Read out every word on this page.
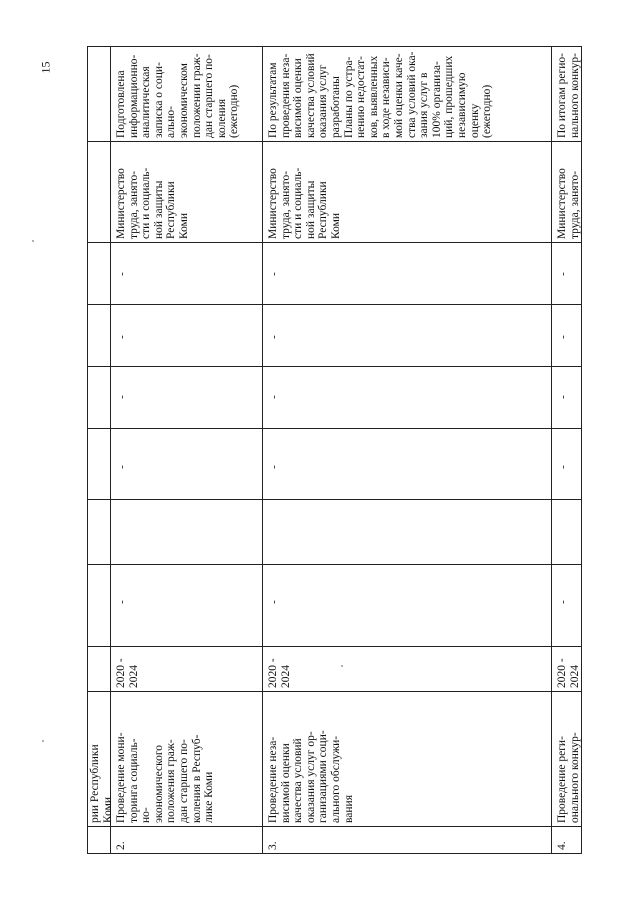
15
рии Республики
Коми
2.
Проведение мони-
торинга социаль-
но-
экономического
положения граж-
дан старшего по-
коления в Респуб-
лике Коми
2020 -
2024
-
-
-
-
-
Министерство
труда, занято-
сти и социаль-
ной защиты
Республики
Коми
Подготовлена
информационно-
аналитическая
записка о соци-
ально-
экономическом
положении граж-
дан старшего по-
коления
(ежегодно)
3.
Проведение неза-
висимой оценки
качества условий
оказания услуг ор-
ганизациями соци-
ального обслужи-
вания
2020 -
2024
-
-
-
-
-
Министерство
труда, занято-
сти и социаль-
ной защиты
Республики
Коми
По результатам
проведения неза-
висимой оценки
качества условий
оказания услуг
разработаны
Планы по устра-
нению недостат-
ков, выявленных
в ходе независи-
мой оценки каче-
ства условий ока-
зания услуг в
100% организа-
ций, прошедших
независимую
оценку
(ежегодно)
4.
Проведение реги-
онального конкур-
2020 -
2024
-
-
-
-
-
Министерство
труда, занято-
По итогам регио-
нального конкур-
